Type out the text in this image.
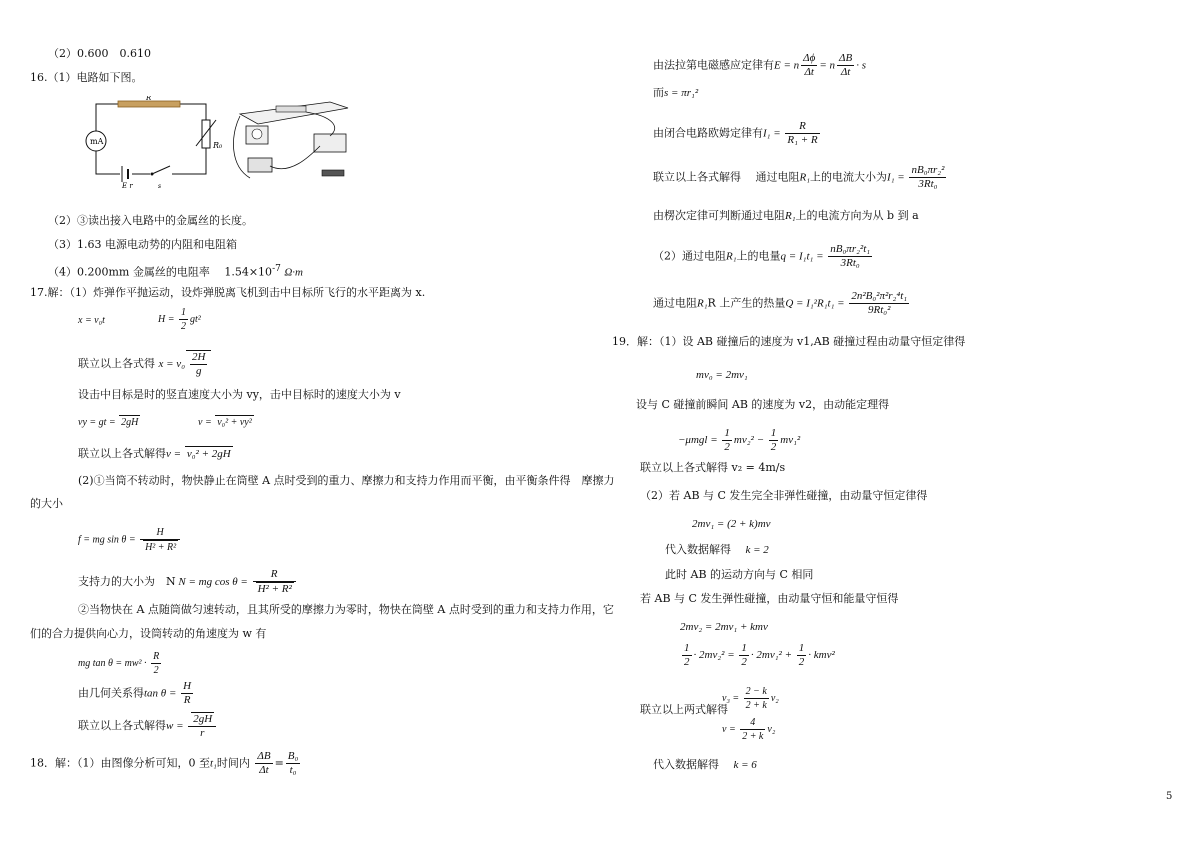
（2）0.600　0.610
16.（1）电路如下图。
R
mA	R₀
E r	s
（2）③读出接入电路中的金属丝的长度。
（3）1.63 电源电动势的内阻和电阻箱
（4）0.200mm 金属丝的电阻率　 $1.54\times 10^{-7}$ Ω·m
17.解：（1）炸弹作平抛运动，设炸弹脱离飞机到击中目标所飞行的水平距离为 x.
x = v₀t	$H = \frac{1}{2} gt^2$
联立以上各式得 $x = v_0 \frac{2H}{g}$
设击中目标是时的竖直速度大小为 vy，击中目标时的速度大小为 v
vy = gt = 2gH	v = v₀² + vy²
联立以上各式解得v = v₀² + 2gH
(2)①当筒不转动时，物快静止在筒壁 A 点时受到的重力、摩擦力和支持力作用而平衡，由平衡条件得　摩擦力
的大小
f = mg $\sin \theta = \frac{H}{\text{H² + R²}}$
支持力的大小为　N N = mg $\cos \theta = \frac{R}{\text{H² + R²}}$
②当物快在 A 点随筒做匀速转动，且其所受的摩擦力为零时，物快在筒壁 A 点时受到的重力和支持力作用，它
们的合力提供向心力，设筒转动的角速度为 w 有
mg $\tan \theta = mw^2 \cdot \frac{R}{2}$
由几何关系得$\tan \theta = \frac{H}{R}$
联立以上各式解得$w = \frac{2gH}{r}$
18．解：（1）由图像分析可知，0 至t₁时间内 $\frac{\Delta B}{\Delta t} = \frac{\text{B₀}}{\text{t₀}}$
由法拉第电磁感应定律有E = n $\frac{\Delta\phi}{\Delta t} = n \frac{\Delta B}{\Delta t} \cdot s$
而s = πr₁²
由闭合电路欧姆定律有$I_1 = \frac{R}{\text{R₁ + R}}$
联立以上各式解得　 通过电阻R₁上的电流大小为$I_1 = \frac{\text{nB₀πr₂²}}{\text{3Rt₀}}$
由楞次定律可判断通过电阻R₁上的电流方向为从 b 到 a
（2）通过电阻R₁上的电量$q = I_1t_1 = \frac{\text{nB₀πr₂²t₁}}{\text{3Rt₀}}$
通过电阻R₁R 上产生的热量$Q = I_1^2R_1t_1 = \frac{\text{2n²B₀²π²r₂⁴t₁}}{\text{9Rt₀²}}$
19．解：（1）设 AB 碰撞后的速度为 v1,AB 碰撞过程由动量守恒定律得
mv₀ = 2mv₁
设与 C 碰撞前瞬间 AB 的速度为 v2，由动能定理得
$-\mu mgl = \frac{1}{2} mv_2^2 - \frac{1}{2} mv_1^2$
联立以上各式解得 v₂ = 4m/s
（2）若 AB 与 C 发生完全非弹性碰撞，由动量守恒定律得
2mv₁ = (2 + k)mv
代入数据解得　 k = 2
此时 AB 的运动方向与 C 相同
若 AB 与 C 发生弹性碰撞，由动量守恒和能量守恒得
2mv₂ = 2mv₁ + kmv
$\frac{1}{2} \cdot 2mv_2^2 = \frac{1}{2} \cdot 2mv_1^2 + \frac{1}{2} \cdot kmv^2$
联立以上两式解得
$v_3 = \frac{2 - k}{2 + k} v_2$
$v = \frac{4}{2 + k} v_2$
代入数据解得　 k = 6
5
